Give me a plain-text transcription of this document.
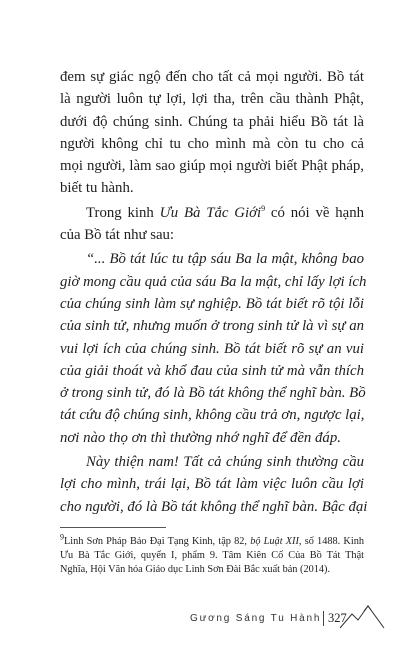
đem sự giác ngộ đến cho tất cả mọi người. Bồ tát
là người luôn tự lợi, lợi tha, trên cầu thành Phật,
dưới độ chúng sinh. Chúng ta phải hiểu Bồ tát là
người không chỉ tu cho mình mà còn tu cho cả
mọi người, làm sao giúp mọi người biết Phật pháp,
biết tu hành.
Trong kinh Ưu Bà Tắc Giới$^9$ có nói về hạnh
của Bồ tát như sau:
“... Bồ tát lúc tu tập sáu Ba la mật, không bao
giờ mong cầu quả của sáu Ba la mật, chỉ lấy lợi ích
của chúng sinh làm sự nghiệp. Bồ tát biết rõ tội lỗi
của sinh tử, nhưng muốn ở trong sinh tử là vì sự an
vui lợi ích của chúng sinh. Bồ tát biết rõ sự an vui
của giải thoát và khổ đau của sinh tử mà vẫn thích
ở trong sinh tử, đó là Bồ tát không thể nghĩ bàn. Bồ
tát cứu độ chúng sinh, không cầu trả ơn, ngược lại,
nơi nào thọ ơn thì thường nhớ nghĩ để đền đáp.
Này thiện nam! Tất cả chúng sinh thường cầu
lợi cho mình, trái lại, Bồ tát làm việc luôn cầu lợi
cho người, đó là Bồ tát không thể nghĩ bàn. Bậc đại
$^9$Linh Sơn Pháp Bảo Đại Tạng Kinh, tập 82, bộ Luật XII, số 1488. Kinh
Ưu Bà Tắc Giới, quyển I, phẩm 9. Tâm Kiên Cố Của Bồ Tát Thật
Nghĩa, Hội Văn hóa Giáo dục Linh Sơn Đài Bắc xuất bản (2014).
Gương Sáng Tu Hành 327
